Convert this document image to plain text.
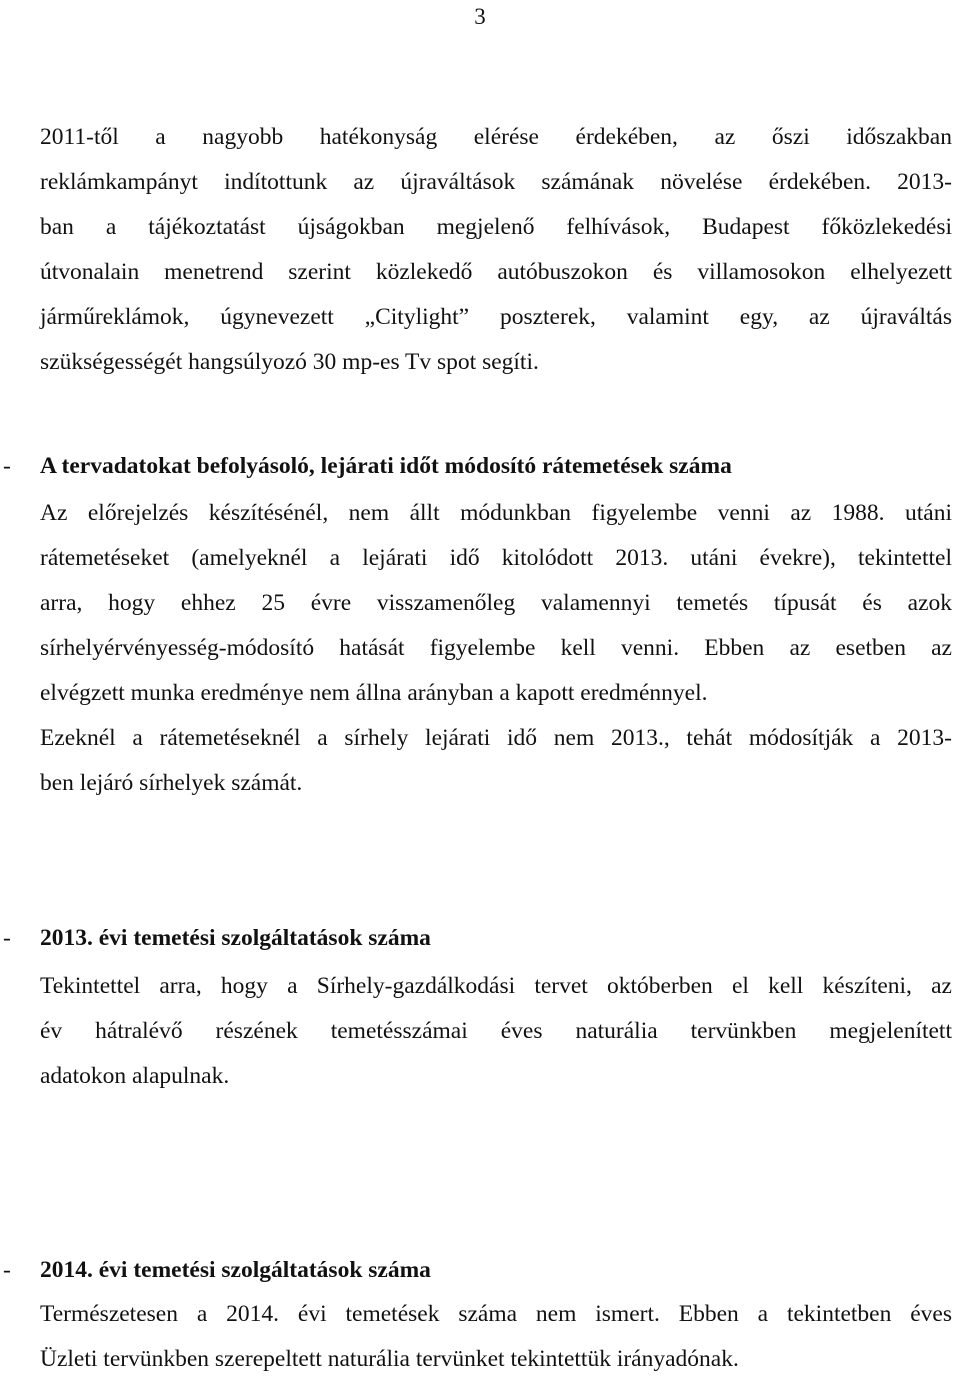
3
2011-től a nagyobb hatékonyság elérése érdekében, az őszi időszakban
reklámkampányt indítottunk az újraváltások számának növelése érdekében. 2013-
ban a tájékoztatást újságokban megjelenő felhívások, Budapest főközlekedési
útvonalain menetrend szerint közlekedő autóbuszokon és villamosokon elhelyezett
járműreklámok, úgynevezett „Citylight” poszterek, valamint egy, az újraváltás
szükségességét hangsúlyozó 30 mp-es Tv spot segíti.
- A tervadatokat befolyásoló, lejárati időt módosító rátemetések száma
Az előrejelzés készítésénél, nem állt módunkban figyelembe venni az 1988. utáni
rátemetéseket (amelyeknél a lejárati idő kitolódott 2013. utáni évekre), tekintettel
arra, hogy ehhez 25 évre visszamenőleg valamennyi temetés típusát és azok
sírhelyérvényesség-módosító hatását figyelembe kell venni. Ebben az esetben az
elvégzett munka eredménye nem állna arányban a kapott eredménnyel.
Ezeknél a rátemetéseknél a sírhely lejárati idő nem 2013., tehát módosítják a 2013-
ben lejáró sírhelyek számát.
- 2013. évi temetési szolgáltatások száma
Tekintettel arra, hogy a Sírhely-gazdálkodási tervet októberben el kell készíteni, az
év hátralévő részének temetésszámai éves naturália tervünkben megjelenített
adatokon alapulnak.
- 2014. évi temetési szolgáltatások száma
Természetesen a 2014. évi temetések száma nem ismert. Ebben a tekintetben éves
Üzleti tervünkben szerepeltett naturália tervünket tekintettük irányadónak.
